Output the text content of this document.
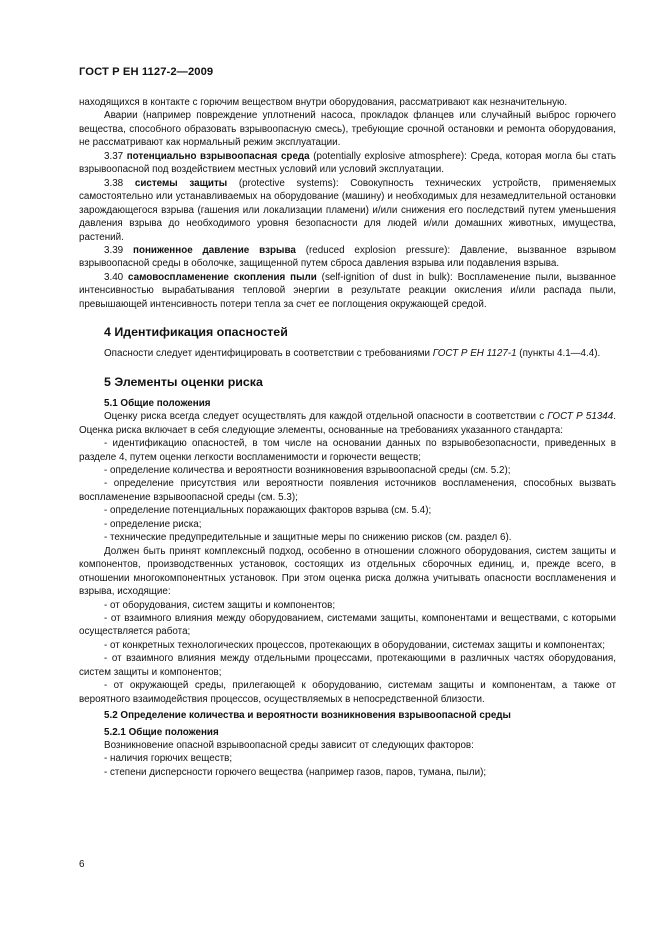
ГОСТ Р ЕН 1127-2—2009

находящихся в контакте с горючим веществом внутри оборудования, рассматривают как незначительную.

Аварии (например повреждение уплотнений насоса, прокладок фланцев или случайный выброс горючего вещества, способного образовать взрывоопасную смесь), требующие срочной остановки и ремонта оборудования, не рассматривают как нормальный режим эксплуатации.

3.37 потенциально взрывоопасная среда (potentially explosive atmosphere): Среда, которая могла бы стать взрывоопасной под воздействием местных условий или условий эксплуатации.

3.38 системы защиты (protective systems): Совокупность технических устройств, применяемых самостоятельно или устанавливаемых на оборудование (машину) и необходимых для незамедлительной остановки зарождающегося взрыва (гашения или локализации пламени) и/или снижения его последствий путем уменьшения давления взрыва до необходимого уровня безопасности для людей и/или домашних животных, имущества, растений.

3.39 пониженное давление взрыва (reduced explosion pressure): Давление, вызванное взрывом взрывоопасной среды в оболочке, защищенной путем сброса давления взрыва или подавления взрыва.

3.40 самовоспламенение скопления пыли (self-ignition of dust in bulk): Воспламенение пыли, вызванное интенсивностью вырабатывания тепловой энергии в результате реакции окисления и/или распада пыли, превышающей интенсивность потери тепла за счет ее поглощения окружающей средой.

4 Идентификация опасностей

Опасности следует идентифицировать в соответствии с требованиями ГОСТ Р ЕН 1127-1 (пункты 4.1—4.4).

5 Элементы оценки риска
5.1 Общие положения

Оценку риска всегда следует осуществлять для каждой отдельной опасности в соответствии с ГОСТ Р 51344. Оценка риска включает в себя следующие элементы, основанные на требованиях указанного стандарта:

- идентификацию опасностей, в том числе на основании данных по взрывобезопасности, приведенных в разделе 4, путем оценки легкости воспламенимости и горючести веществ;

- определение количества и вероятности возникновения взрывоопасной среды (см. 5.2);

- определение присутствия или вероятности появления источников воспламенения, способных вызвать воспламенение взрывоопасной среды (см. 5.3);

- определение потенциальных поражающих факторов взрыва (см. 5.4);

- определение риска;

- технические предупредительные и защитные меры по снижению рисков (см. раздел 6).

Должен быть принят комплексный подход, особенно в отношении сложного оборудования, систем защиты и компонентов, производственных установок, состоящих из отдельных сборочных единиц, и, прежде всего, в отношении многокомпонентных установок. При этом оценка риска должна учитывать опасности воспламенения и взрыва, исходящие:

- от оборудования, систем защиты и компонентов;

- от взаимного влияния между оборудованием, системами защиты, компонентами и веществами, с которыми осуществляется работа;

- от конкретных технологических процессов, протекающих в оборудовании, системах защиты и компонентах;

- от взаимного влияния между отдельными процессами, протекающими в различных частях оборудования, систем защиты и компонентов;

- от окружающей среды, прилегающей к оборудованию, системам защиты и компонентам, а также от вероятного взаимодействия процессов, осуществляемых в непосредственной близости.

5.2 Определение количества и вероятности возникновения взрывоопасной среды
5.2.1 Общие положения

Возникновение опасной взрывоопасной среды зависит от следующих факторов:

- наличия горючих веществ;

- степени дисперсности горючего вещества (например газов, паров, тумана, пыли);

6
